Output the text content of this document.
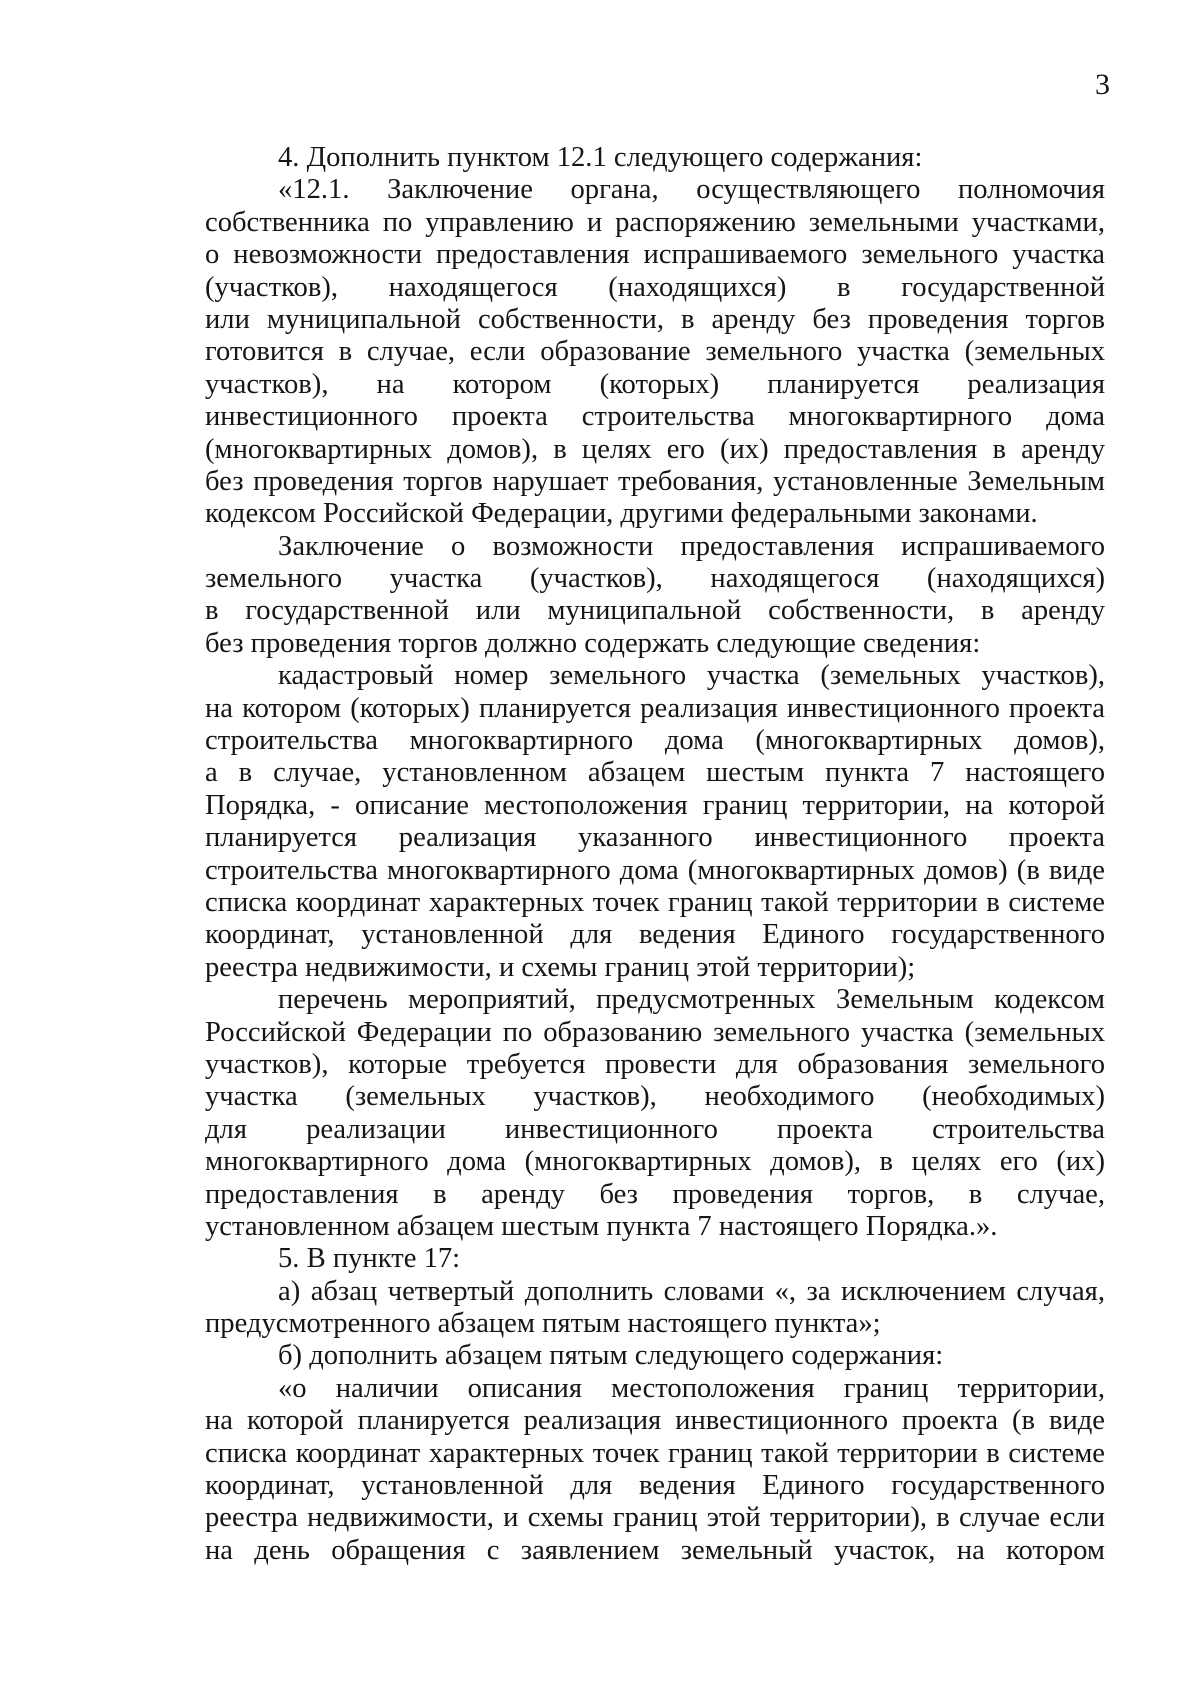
3
4. Дополнить пунктом 12.1 следующего содержания:
«12.1. Заключение органа, осуществляющего полномочия
собственника по управлению и распоряжению земельными участками,
о невозможности предоставления испрашиваемого земельного участка
(участков), находящегося (находящихся) в государственной
или муниципальной собственности, в аренду без проведения торгов
готовится в случае, если образование земельного участка (земельных
участков), на котором (которых) планируется реализация
инвестиционного проекта строительства многоквартирного дома
(многоквартирных домов), в целях его (их) предоставления в аренду
без проведения торгов нарушает требования, установленные Земельным
кодексом Российской Федерации, другими федеральными законами.
Заключение о возможности предоставления испрашиваемого
земельного участка (участков), находящегося (находящихся)
в государственной или муниципальной собственности, в аренду
без проведения торгов должно содержать следующие сведения:
кадастровый номер земельного участка (земельных участков),
на котором (которых) планируется реализация инвестиционного проекта
строительства многоквартирного дома (многоквартирных домов),
а в случае, установленном абзацем шестым пункта 7 настоящего
Порядка, - описание местоположения границ территории, на которой
планируется реализация указанного инвестиционного проекта
строительства многоквартирного дома (многоквартирных домов) (в виде
списка координат характерных точек границ такой территории в системе
координат, установленной для ведения Единого государственного
реестра недвижимости, и схемы границ этой территории);
перечень мероприятий, предусмотренных Земельным кодексом
Российской Федерации по образованию земельного участка (земельных
участков), которые требуется провести для образования земельного
участка (земельных участков), необходимого (необходимых)
для реализации инвестиционного проекта строительства
многоквартирного дома (многоквартирных домов), в целях его (их)
предоставления в аренду без проведения торгов, в случае,
установленном абзацем шестым пункта 7 настоящего Порядка.».
5. В пункте 17:
а) абзац четвертый дополнить словами «, за исключением случая,
предусмотренного абзацем пятым настоящего пункта»;
б) дополнить абзацем пятым следующего содержания:
«о наличии описания местоположения границ территории,
на которой планируется реализация инвестиционного проекта (в виде
списка координат характерных точек границ такой территории в системе
координат, установленной для ведения Единого государственного
реестра недвижимости, и схемы границ этой территории), в случае если
на день обращения с заявлением земельный участок, на котором
